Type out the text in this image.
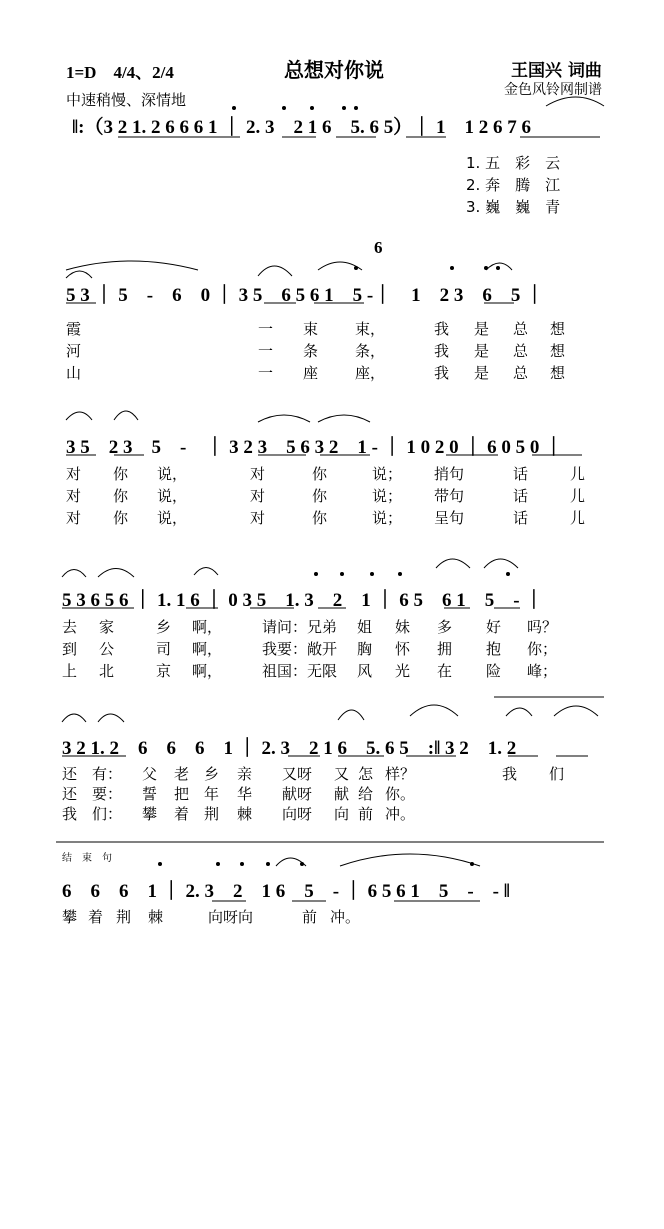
1=D　4/4、2/4	总想对你说	王国兴 词曲
金色风铃网制谱
中速稍慢、深情地
‖:（3 2 1. 2 6 6 6 1 ｜ 2. 3　2 1 6　5. 6 5）｜ 1　1 2 6 7 6
1. 五　彩　云
2. 奔　腾　江
3. 巍　巍　青
6
5 3 ｜ 5　-　6　0 ｜ 3 5　6 5 6 1　5 -｜　1　2 3　6　5 ｜
霞	一 束 束，	我 是 总 想
河	一 条 条，	我 是 总 想
山	一 座 座，	我 是 总 想
3 5　2 3　5　-　｜ 3 2 3　5 6 3 2　1 - ｜ 1 0 2 0 ｜ 6 0 5 0 ｜
对 你 说，	对	你	说； 捎句	话	儿
对 你 说，	对	你	说； 带句	话	儿
对 你 说，	对	你	说； 呈句	话	儿
5 3 6 5 6 ｜ 1. 1 6 ｜ 0 3 5　1. 3　2　1 ｜ 6 5　6 1　5　- ｜
去 家	乡 啊，	请问：兄弟 姐 妹 多 好 吗？
到 公	司 啊，	我要：敞开 胸 怀 拥 抱 你；
上 北	京 啊，	祖国：无限 风 光 在 险 峰；
3 2 1. 2　6　6　6　1 ｜ 2. 3　2 1 6　5. 6 5　:‖ 3 2　1. 2
还 有： 父 老 乡 亲 又呀 又 怎 样？	我 们
还 要： 誓 把 年 华 献呀 献 给 你。
我 们： 攀 着 荆 棘 向呀 向 前 冲。
结　束　句
6　6　6　1 ｜ 2. 3　2　1 6　5　- ｜ 6 5 6 1　5　-　- ‖
攀 着 荆 棘	向呀向	前 冲。
